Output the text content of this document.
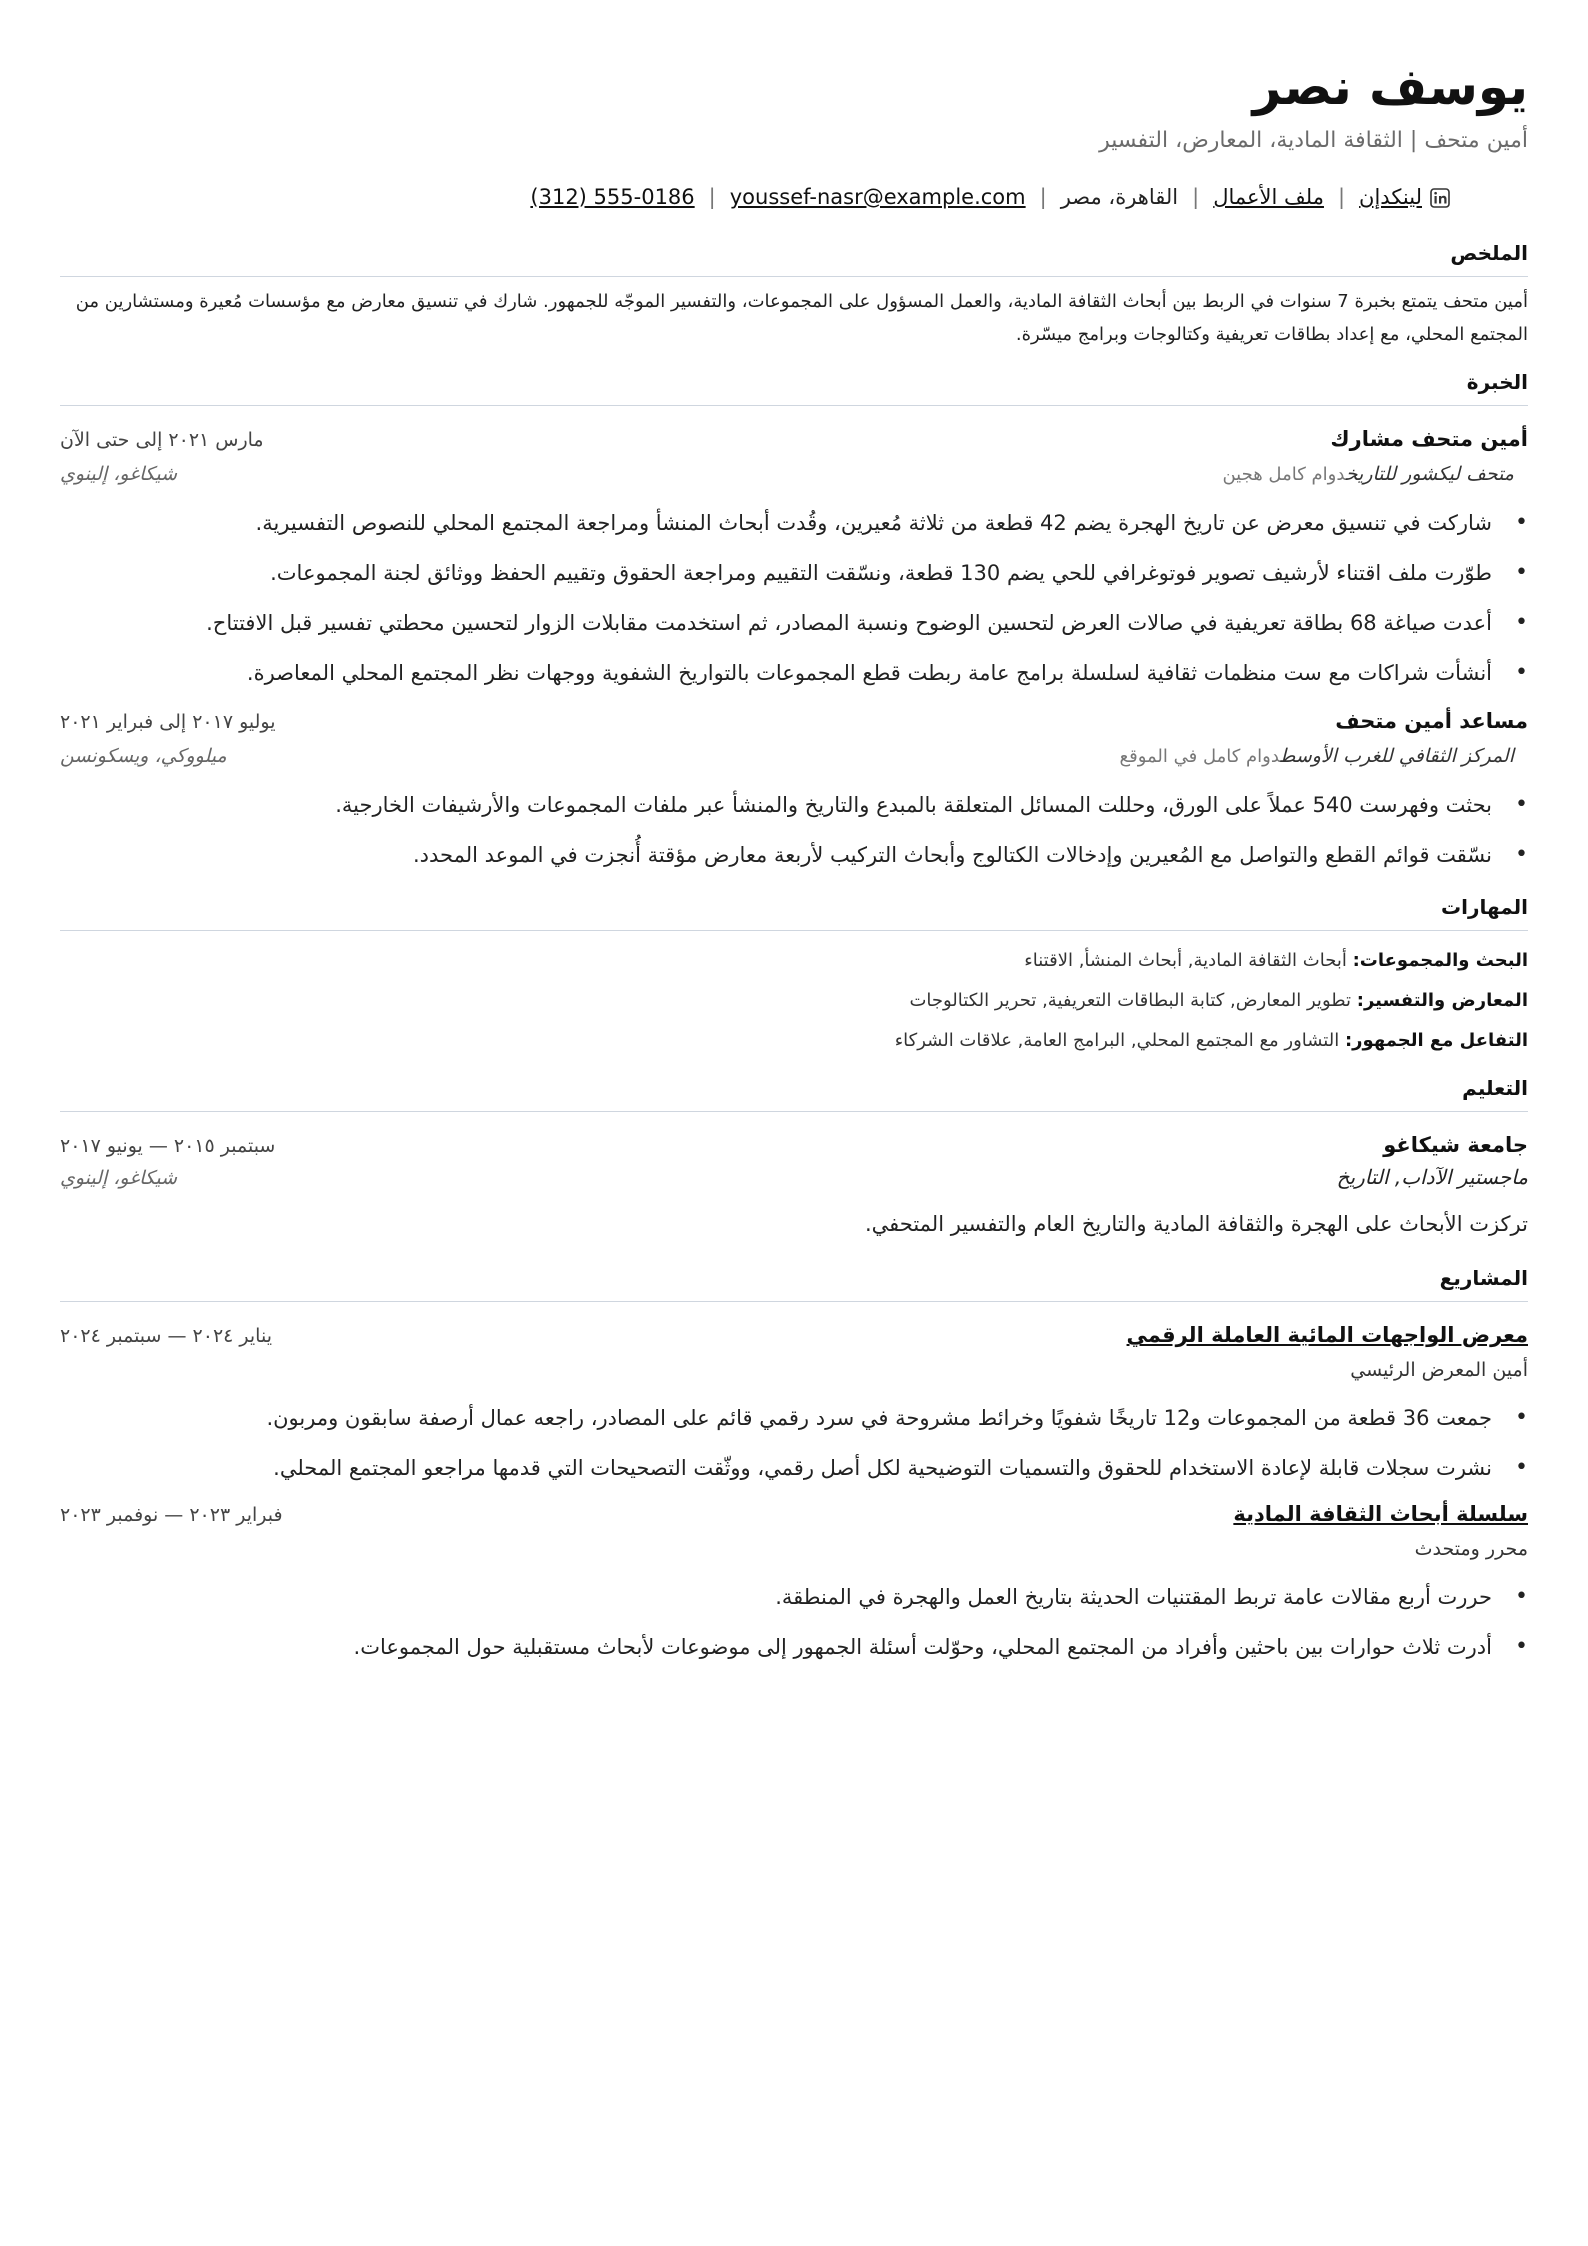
يوسف نصر
أمين متحف | الثقافة المادية، المعارض، التفسير
لينكدإن
|
ملف الأعمال
|
القاهرة، مصر
|
youssef-nasr@example.com
|
(312) 555-0186
الملخص
أمين متحف يتمتع بخبرة 7 سنوات في الربط بين أبحاث الثقافة المادية، والعمل المسؤول على المجموعات، والتفسير الموجّه للجمهور. شارك في تنسيق معارض مع مؤسسات مُعيرة ومستشارين من المجتمع المحلي، مع إعداد بطاقات تعريفية وكتالوجات وبرامج ميسّرة.
الخبرة
أمين متحف مشارك
مارس ٢٠٢١ إلى حتى الآن
متحف ليكشور للتاريخدوام كامل هجين
شيكاغو، إلينوي
• شاركت في تنسيق معرض عن تاريخ الهجرة يضم 42 قطعة من ثلاثة مُعيرين، وقُدت أبحاث المنشأ ومراجعة المجتمع المحلي للنصوص التفسيرية.
• طوّرت ملف اقتناء لأرشيف تصوير فوتوغرافي للحي يضم 130 قطعة، ونسّقت التقييم ومراجعة الحقوق وتقييم الحفظ ووثائق لجنة المجموعات.
• أعدت صياغة 68 بطاقة تعريفية في صالات العرض لتحسين الوضوح ونسبة المصادر، ثم استخدمت مقابلات الزوار لتحسين محطتي تفسير قبل الافتتاح.
• أنشأت شراكات مع ست منظمات ثقافية لسلسلة برامج عامة ربطت قطع المجموعات بالتواريخ الشفوية ووجهات نظر المجتمع المحلي المعاصرة.
مساعد أمين متحف
يوليو ٢٠١٧ إلى فبراير ٢٠٢١
المركز الثقافي للغرب الأوسطدوام كامل في الموقع
ميلووكي، ويسكونسن
• بحثت وفهرست 540 عملاً على الورق، وحللت المسائل المتعلقة بالمبدع والتاريخ والمنشأ عبر ملفات المجموعات والأرشيفات الخارجية.
• نسّقت قوائم القطع والتواصل مع المُعيرين وإدخالات الكتالوج وأبحاث التركيب لأربعة معارض مؤقتة أُنجزت في الموعد المحدد.
المهارات
البحث والمجموعات: أبحاث الثقافة المادية, أبحاث المنشأ, الاقتناء
المعارض والتفسير: تطوير المعارض, كتابة البطاقات التعريفية, تحرير الكتالوجات
التفاعل مع الجمهور: التشاور مع المجتمع المحلي, البرامج العامة, علاقات الشركاء
التعليم
جامعة شيكاغو
سبتمبر ٢٠١٥ — يونيو ٢٠١٧
ماجستير الآداب, التاريخ
شيكاغو، إلينوي
تركزت الأبحاث على الهجرة والثقافة المادية والتاريخ العام والتفسير المتحفي.
المشاريع
معرض الواجهات المائية العاملة الرقمي
يناير ٢٠٢٤ — سبتمبر ٢٠٢٤
أمين المعرض الرئيسي
• جمعت 36 قطعة من المجموعات و12 تاريخًا شفويًا وخرائط مشروحة في سرد رقمي قائم على المصادر، راجعه عمال أرصفة سابقون ومربون.
• نشرت سجلات قابلة لإعادة الاستخدام للحقوق والتسميات التوضيحية لكل أصل رقمي، ووثّقت التصحيحات التي قدمها مراجعو المجتمع المحلي.
سلسلة أبحاث الثقافة المادية
فبراير ٢٠٢٣ — نوفمبر ٢٠٢٣
محرر ومتحدث
• حررت أربع مقالات عامة تربط المقتنيات الحديثة بتاريخ العمل والهجرة في المنطقة.
• أدرت ثلاث حوارات بين باحثين وأفراد من المجتمع المحلي، وحوّلت أسئلة الجمهور إلى موضوعات لأبحاث مستقبلية حول المجموعات.
